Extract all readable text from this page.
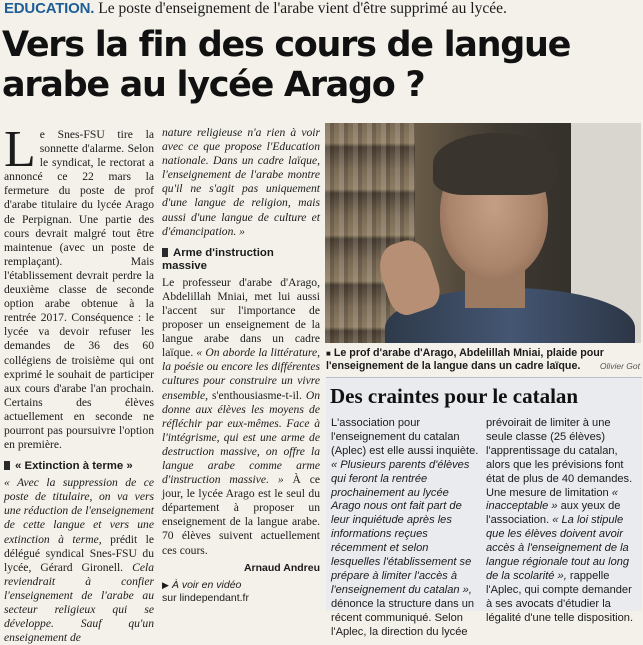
EDUCATION. Le poste d'enseignement de l'arabe vient d'être supprimé au lycée.
Vers la fin des cours de langue arabe au lycée Arago ?

L e Snes-FSU tire la sonnette d'alarme. Selon le syndicat, le rectorat a annoncé ce 22 mars la fermeture du poste de prof d'arabe titulaire du lycée Arago de Perpignan. Une partie des cours devrait malgré tout être maintenue (avec un poste de remplaçant). Mais l'établissement devrait perdre la deuxième classe de seconde option arabe obtenue à la rentrée 2017. Conséquence : le lycée va devoir refuser les demandes de 36 des 60 collégiens de troisième qui ont exprimé le souhait de participer aux cours d'arabe l'an prochain. Certains des élèves actuellement en seconde ne pourront pas poursuivre l'option en première.

« Extinction à terme »

« Avec la suppression de ce poste de titulaire, on va vers une réduction de l'enseignement de cette langue et vers une extinction à terme, prédit le délégué syndical Snes-FSU du lycée, Gérard Gironell. Cela reviendrait à confier l'enseignement de l'arabe au secteur religieux qui se développe. Sauf qu'un enseignement de

nature religieuse n'a rien à voir avec ce que propose l'Education nationale. Dans un cadre laïque, l'enseignement de l'arabe montre qu'il ne s'agit pas uniquement d'une langue de religion, mais aussi d'une langue de culture et d'émancipation. »

Arme d'instruction massive

Le professeur d'arabe d'Arago, Abdelillah Mniai, met lui aussi l'accent sur l'importance de proposer un enseignement de la langue arabe dans un cadre laïque. « On aborde la littérature, la poésie ou encore les différentes cultures pour construire un vivre ensemble, s'enthousiasme-t-il. On donne aux élèves les moyens de réfléchir par eux-mêmes. Face à l'intégrisme, qui est une arme de destruction massive, on offre la langue arabe comme arme d'instruction massive. » À ce jour, le lycée Arago est le seul du département à proposer un enseignement de la langue arabe. 70 élèves suivent actuellement ces cours.

Arnaud Andreu
▶ À voir en vidéo
sur lindependant.fr
■ Le prof d'arabe d'Arago, Abdelillah Mniai, plaide pour l'enseignement de la langue dans un cadre laïque.	Olivier Got
Des craintes pour le catalan

L'association pour l'enseignement du catalan (Aplec) est elle aussi inquiète. « Plusieurs parents d'élèves qui feront la rentrée prochainement au lycée Arago nous ont fait part de leur inquiétude après les informations reçues récemment et selon lesquelles l'établissement se prépare à limiter l'accès à l'enseignement du catalan », dénonce la structure dans un récent communiqué. Selon l'Aplec, la direction du lycée

prévoirait de limiter à une seule classe (25 élèves) l'apprentissage du catalan, alors que les prévisions font état de plus de 40 demandes. Une mesure de limitation « inacceptable » aux yeux de l'association. « La loi stipule que les élèves doivent avoir accès à l'enseignement de la langue régionale tout au long de la scolarité », rappelle l'Aplec, qui compte demander à ses avocats d'étudier la légalité d'une telle disposition.
